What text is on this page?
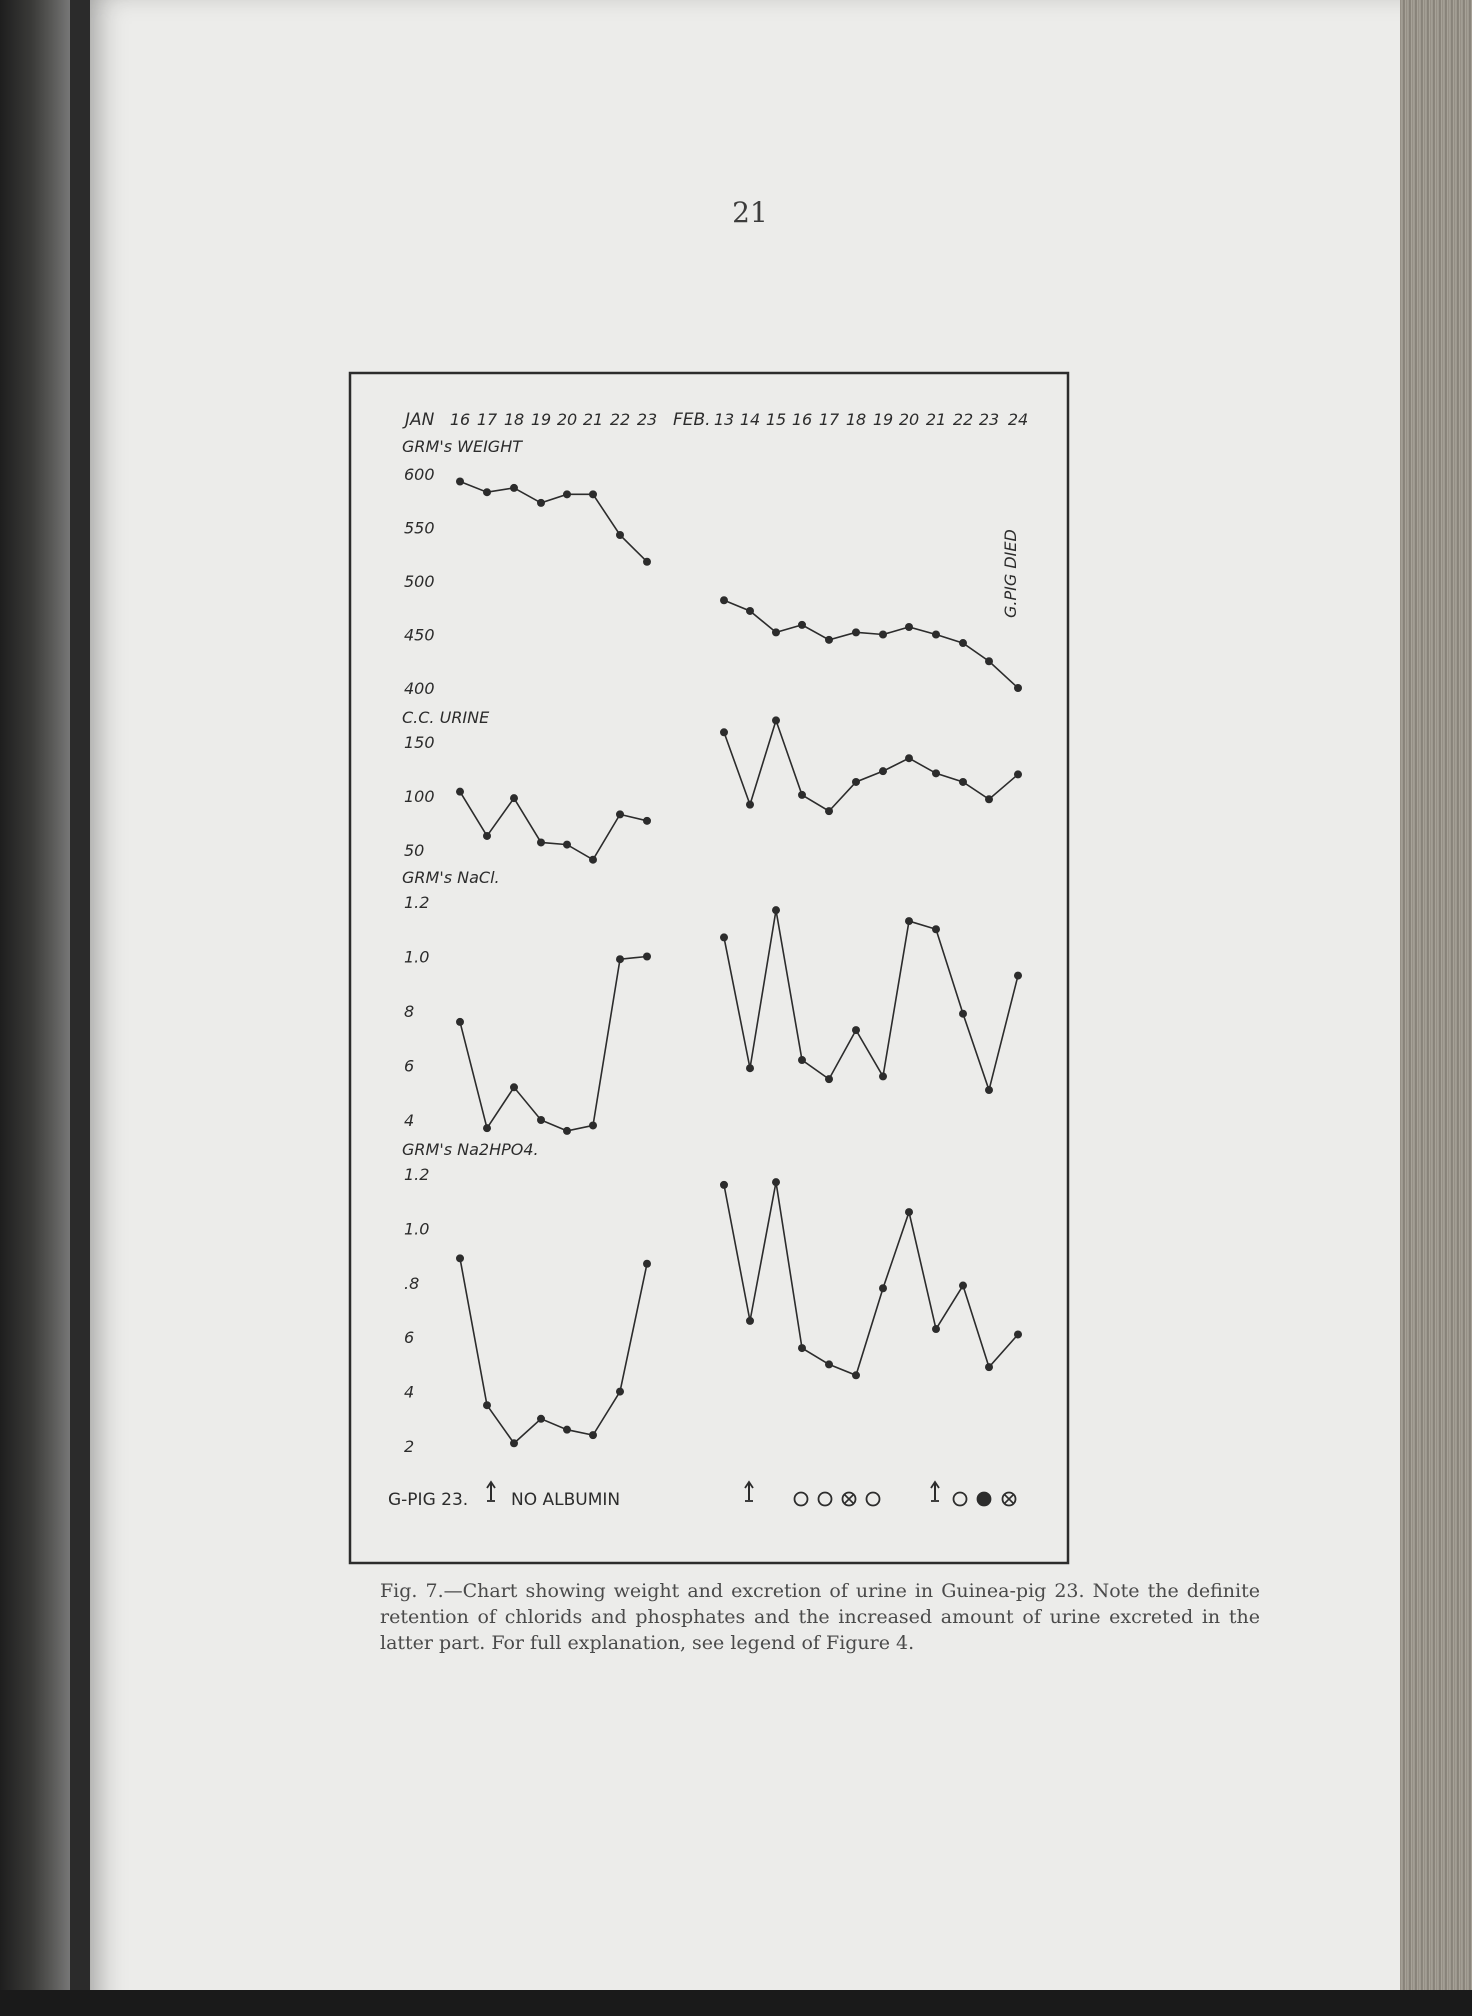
21
Fig. 7.—Chart showing weight and excretion of urine in Guinea-pig 23. Note the definite retention of chlorids and phosphates and the increased amount of urine excreted in the latter part. For full explanation, see legend of Figure 4.
JAN 16 17 18 19 20 21 22 23 FEB. 13 14 15 16 17 18 19 20 21 22 23 24
GRM's WEIGHT
600
550
500
450
400
C.C. URINE
150
100
50
GRM's NaCl.
1.2
1.0
8
6
4
GRM's Na2HPO4.
1.2
1.0
.8
6
4
2
G.PIG DIED
G-PIG 23.	NO ALBUMIN
